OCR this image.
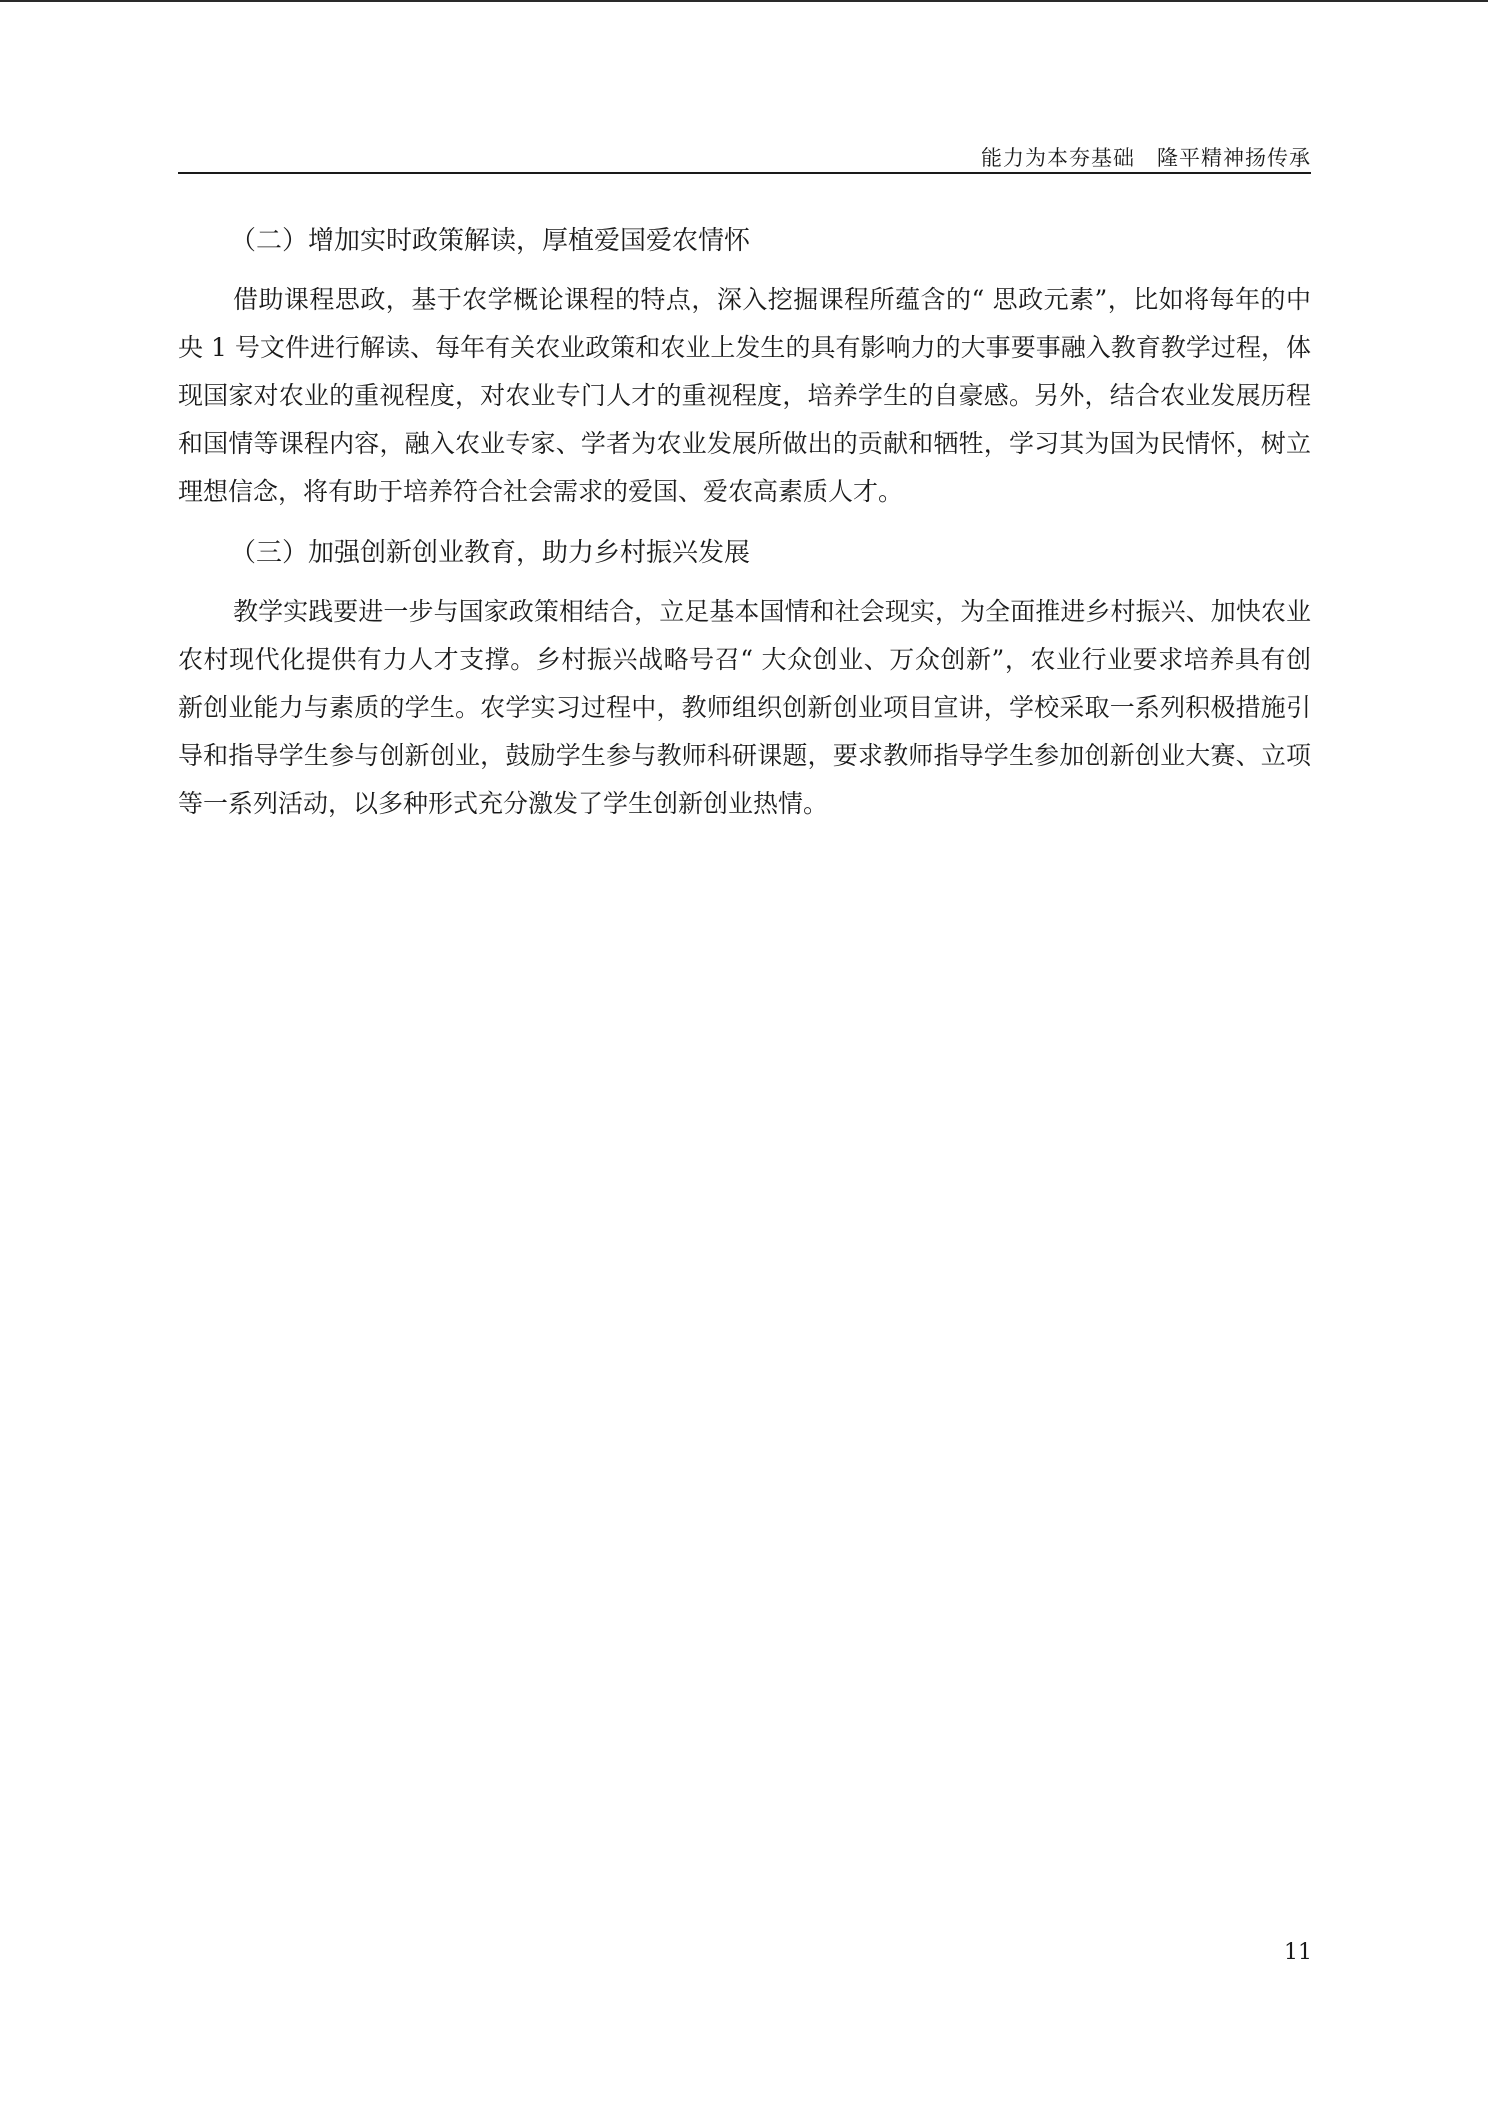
能力为本夯基础　隆平精神扬传承
（二）增加实时政策解读，厚植爱国爱农情怀

借助课程思政，基于农学概论课程的特点，深入挖掘课程所蕴含的“ 思政元素”，比如将每年的中央 1 号文件进行解读、每年有关农业政策和农业上发生的具有影响力的大事要事融入教育教学过程，体现国家对农业的重视程度，对农业专门人才的重视程度，培养学生的自豪感。另外，结合农业发展历程和国情等课程内容，融入农业专家、学者为农业发展所做出的贡献和牺牲，学习其为国为民情怀，树立理想信念，将有助于培养符合社会需求的爱国、爱农高素质人才。

（三）加强创新创业教育，助力乡村振兴发展

教学实践要进一步与国家政策相结合，立足基本国情和社会现实，为全面推进乡村振兴、加快农业农村现代化提供有力人才支撑。乡村振兴战略号召“ 大众创业、万众创新”，农业行业要求培养具有创新创业能力与素质的学生。农学实习过程中，教师组织创新创业项目宣讲，学校采取一系列积极措施引导和指导学生参与创新创业，鼓励学生参与教师科研课题，要求教师指导学生参加创新创业大赛、立项等一系列活动，以多种形式充分激发了学生创新创业热情。

11
